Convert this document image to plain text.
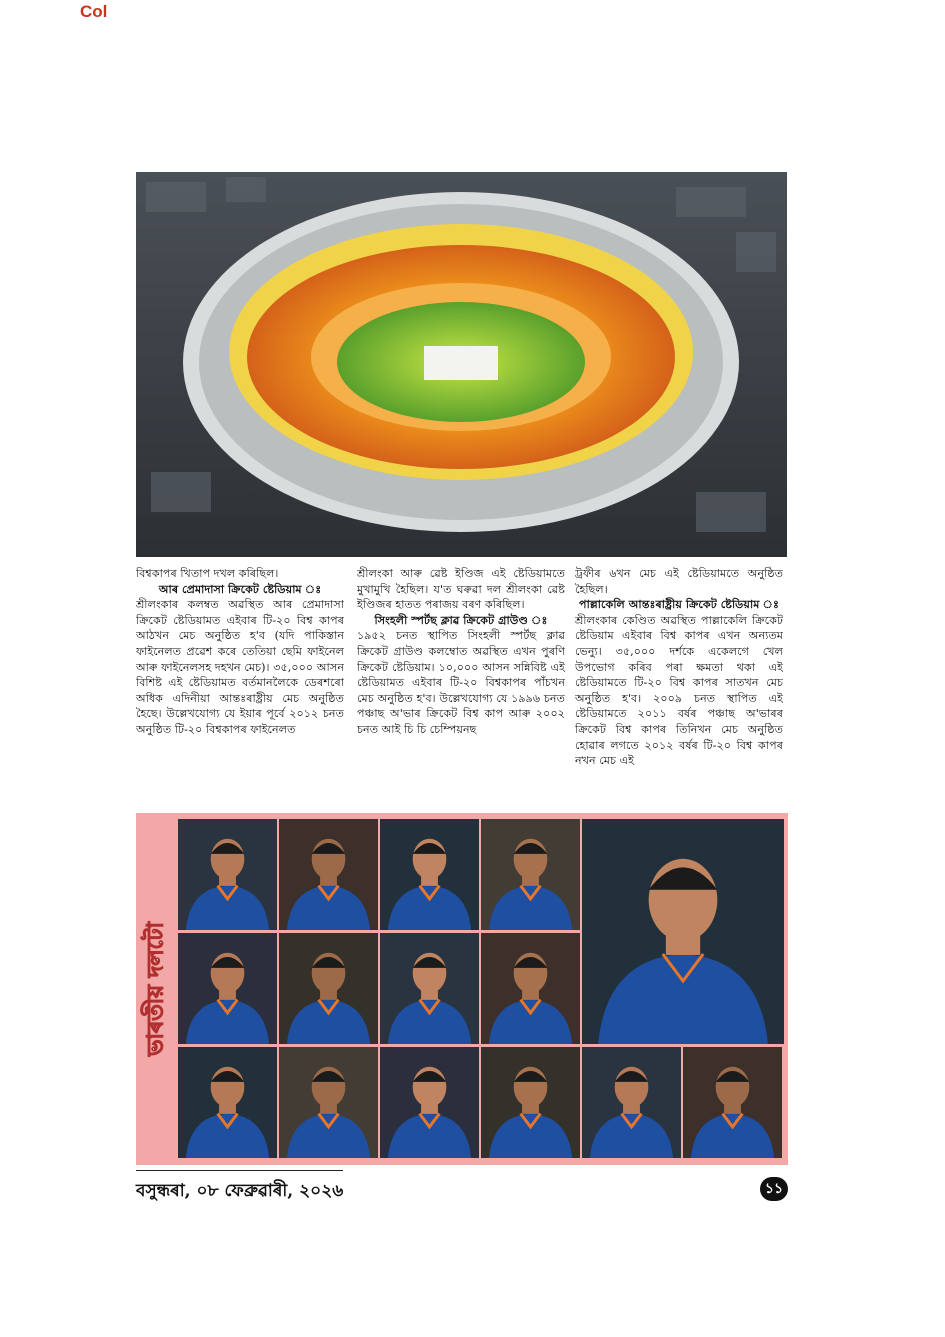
Col

বিশ্বকাপৰ খিতাপ দখল কৰিছিল।

আৰ প্ৰেমাদাসা ক্ৰিকেট ষ্টেডিয়াম ঃ

শ্ৰীলংকাৰ কলম্বত অৱস্থিত আৰ প্ৰেমাদাসা ক্ৰিকেট ষ্টেডিয়ামত এইবাৰ টি-২০ বিশ্ব কাপৰ আঠখন মেচ অনুষ্ঠিত হ'ব (যদি পাকিস্তান ফাইনেলত প্ৰৱেশ কৰে তেতিয়া ছেমি ফাইনেল আৰু ফাইনেলসহ দহখন মেচ)। ৩৫,০০০ আসন বিশিষ্ট এই ষ্টেডিয়ামত বৰ্তমানলৈকে ডেৰশৰো অধিক এদিনীয়া আন্তঃৰাষ্ট্ৰীয় মেচ অনুষ্ঠিত হৈছে। উল্লেখযোগ্য যে ইয়াৰ পূৰ্বে ২০১২ চনত অনুষ্ঠিত টি-২০ বিশ্বকাপৰ ফাইনেলত

শ্ৰীলংকা আৰু ৱেষ্ট ইণ্ডিজ এই ষ্টেডিয়ামতে মুখামুখি হৈছিল। য'ত ঘৰুৱা দল শ্ৰীলংকা ৱেষ্ট ইণ্ডিজৰ হাতত পৰাজয় বৰণ কৰিছিল।

সিংহলী স্পৰ্টছ ক্লাৱ ক্ৰিকেট গ্ৰাউণ্ড ঃ

১৯৫২ চনত স্থাপিত সিংহলী স্পৰ্টছ ক্লাৱ ক্ৰিকেট গ্ৰাউণ্ড কলম্বোত অৱস্থিত এখন পুৰণি ক্ৰিকেট ষ্টেডিয়াম। ১০,০০০ আসন সন্নিবিষ্ট এই ষ্টেডিয়ামত এইবাৰ টি-২০ বিশ্বকাপৰ পাঁচখন মেচ অনুষ্ঠিত হ'ব। উল্লেখযোগ্য যে ১৯৯৬ চনত পঞ্চাছ অ'ভাৰ ক্ৰিকেট বিশ্ব কাপ আৰু ২০০২ চনত আই চি চি চেম্পিয়নছ

ট্ৰফীৰ ৬খন মেচ এই ষ্টেডিয়ামতে অনুষ্ঠিত হৈছিল।

পাল্লাকেলি আন্তঃৰাষ্ট্ৰীয় ক্ৰিকেট ষ্টেডিয়াম ঃ

শ্ৰীলংকাৰ কেণ্ডিত অৱস্থিত পাল্লাকেলি ক্ৰিকেট ষ্টেডিয়াম এইবাৰ বিশ্ব কাপৰ এখন অন্যতম ভেন্যু। ৩৫,০০০ দৰ্শকে একেলগে খেল উপভোগ কৰিব পৰা ক্ষমতা থকা এই ষ্টেডিয়ামতে টি-২০ বিশ্ব কাপৰ সাতখন মেচ অনুষ্ঠিত হ'ব। ২০০৯ চনত স্থাপিত এই ষ্টেডিয়ামতে ২০১১ বৰ্ষৰ পঞ্চাছ অ'ভাৰৰ ক্ৰিকেট বিশ্ব কাপৰ তিনিখন মেচ অনুষ্ঠিত হোৱাৰ লগতে ২০১২ বৰ্ষৰ টি-২০ বিশ্ব কাপৰ নখন মেচ এই

ভাৰতীয় দলটো
বসুন্ধৰা, ০৮ ফেব্ৰুৱাৰী, ২০২৬	১১
